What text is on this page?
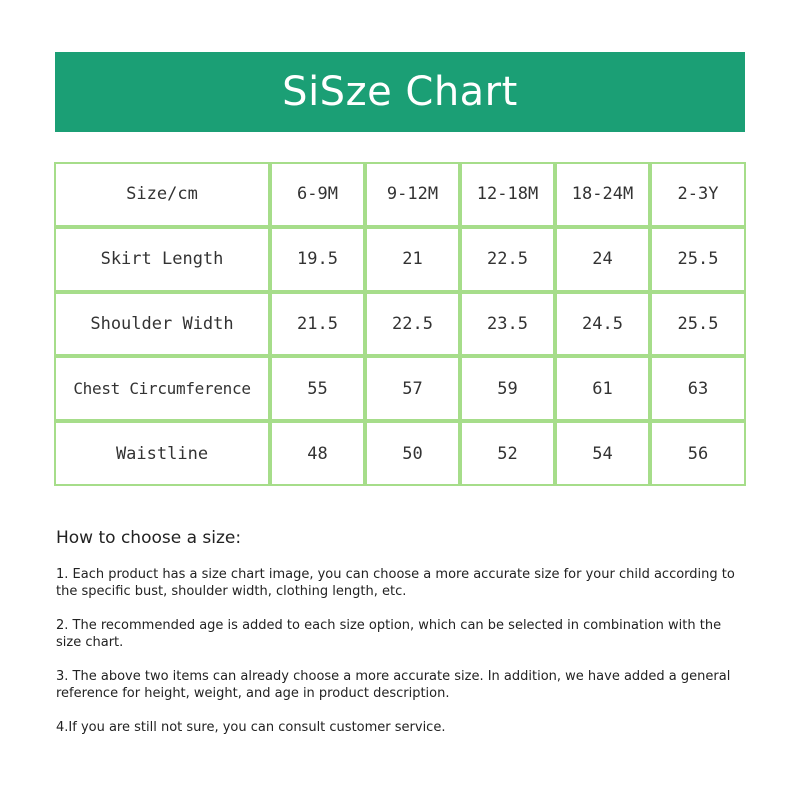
SiSze Chart
Size/cm	6-9M	9-12M	12-18M	18-24M	2-3Y
Skirt Length	19.5	21	22.5	24	25.5
Shoulder Width	21.5	22.5	23.5	24.5	25.5
Chest Circumference	55	57	59	61	63
Waistline	48	50	52	54	56

How to choose a size:

1. Each product has a size chart image, you can choose a more accurate size for your child according to the specific bust, shoulder width, clothing length, etc.

2. The recommended age is added to each size option, which can be selected in combination with the size chart.

3. The above two items can already choose a more accurate size. In addition, we have added a general reference for height, weight, and age in product description.

4.If you are still not sure, you can consult customer service.
